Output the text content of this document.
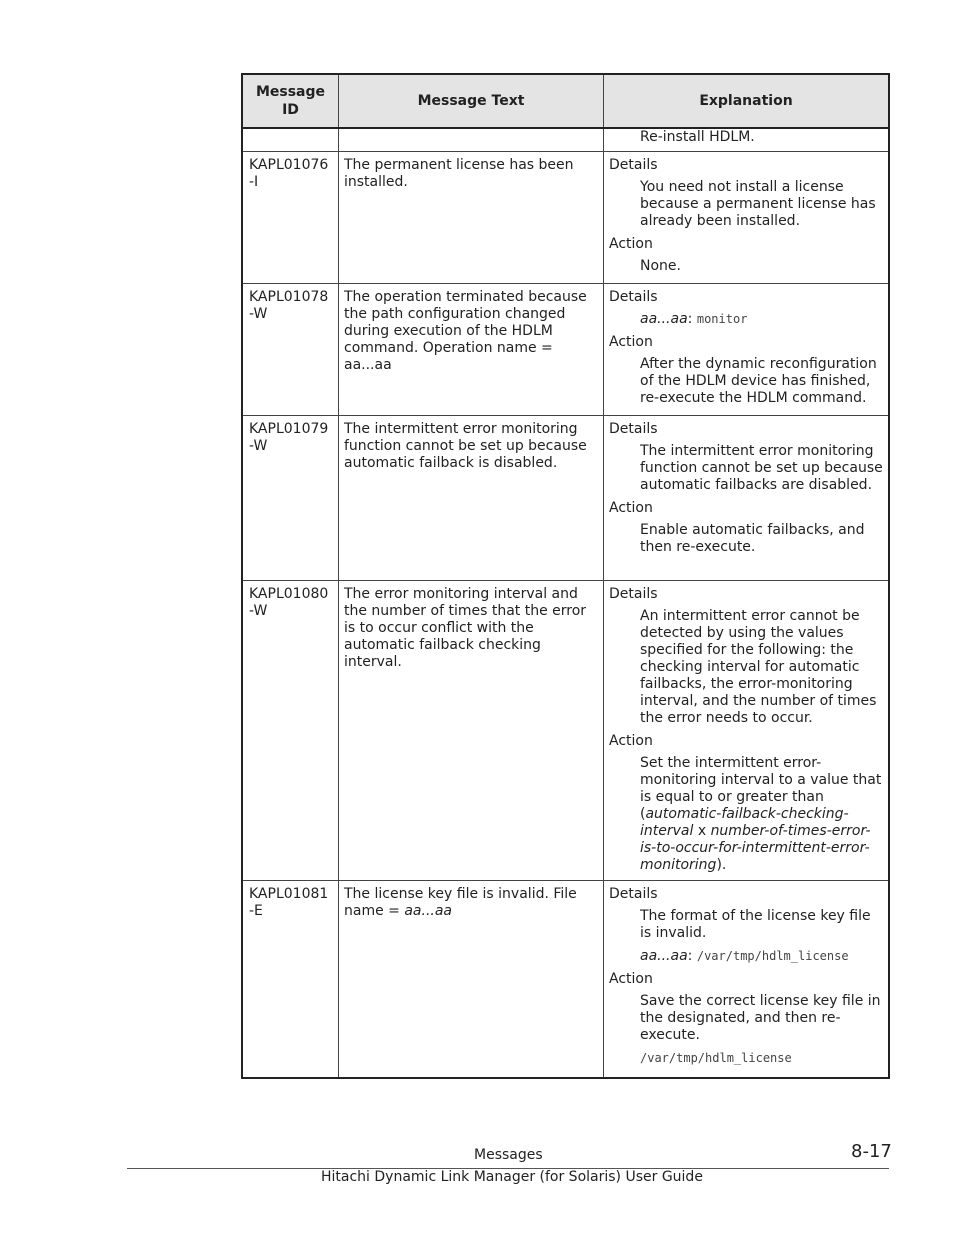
Message ID
Message Text	Explanation
Re-install HDLM.
KAPL01076 -I
The permanent license has been installed.
Details
You need not install a license because a permanent license has already been installed.
Action
None.
KAPL01078 -W
The operation terminated because the path configuration changed during execution of the HDLM command. Operation name = aa...aa
Details
aa...aa: monitor
Action
After the dynamic reconfiguration of the HDLM device has finished, re-execute the HDLM command.
KAPL01079 -W
The intermittent error monitoring function cannot be set up because automatic failback is disabled.
Details
The intermittent error monitoring function cannot be set up because automatic failbacks are disabled.
Action
Enable automatic failbacks, and then re-execute.
KAPL01080 -W
The error monitoring interval and the number of times that the error is to occur conflict with the automatic failback checking interval.
Details
An intermittent error cannot be detected by using the values specified for the following: the checking interval for automatic failbacks, the error-monitoring interval, and the number of times the error needs to occur.
Action
Set the intermittent error-monitoring interval to a value that is equal to or greater than (automatic-failback-checking-interval x number-of-times-error-is-to-occur-for-intermittent-error-monitoring).
KAPL01081 -E
The license key file is invalid. File name = aa...aa
Details
The format of the license key file is invalid.
aa...aa: /var/tmp/hdlm_license
Action
Save the correct license key file in the designated, and then re-execute.
/var/tmp/hdlm_license
Messages	8-17
Hitachi Dynamic Link Manager (for Solaris) User Guide
